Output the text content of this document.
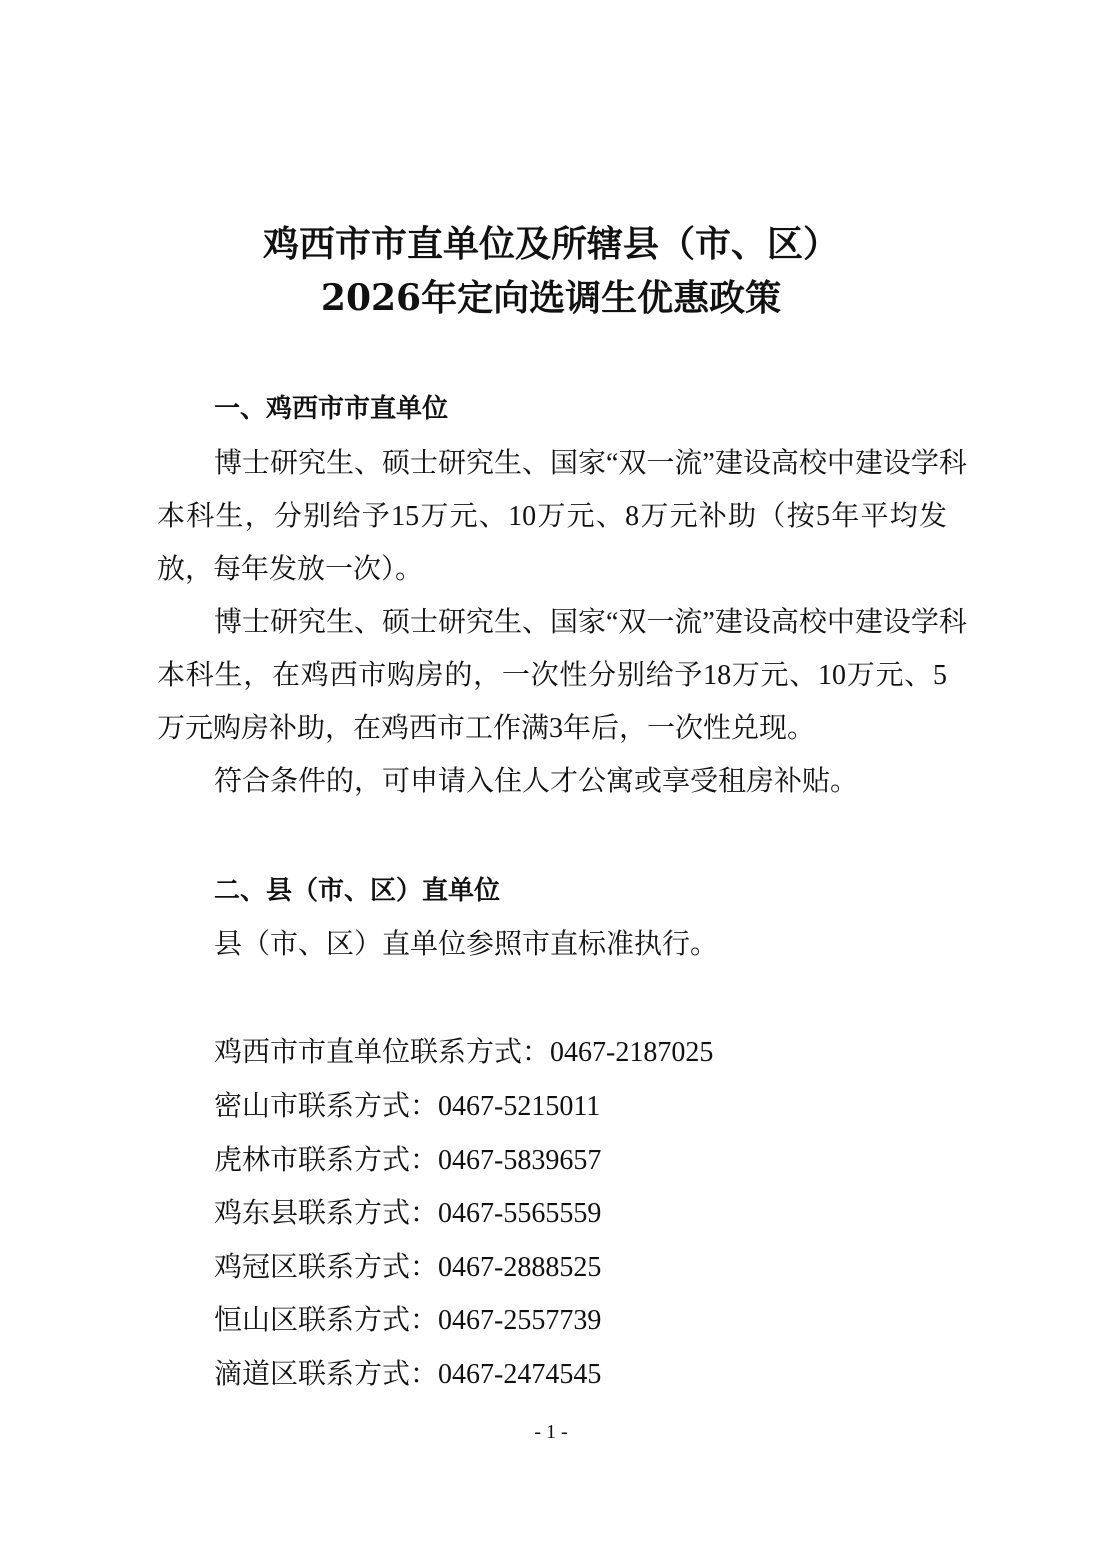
鸡西市市直单位及所辖县（市、区）
2026年定向选调生优惠政策
一、鸡西市市直单位
博士研究生、硕士研究生、国家“双一流”建设高校中建设学科
本科生，分别给予15万元、10万元、8万元补助（按5年平均发
放，每年发放一次）。
博士研究生、硕士研究生、国家“双一流”建设高校中建设学科
本科生，在鸡西市购房的，一次性分别给予18万元、10万元、5
万元购房补助，在鸡西市工作满3年后，一次性兑现。
符合条件的，可申请入住人才公寓或享受租房补贴。
二、县（市、区）直单位
县（市、区）直单位参照市直标准执行。
鸡西市市直单位联系方式：0467-2187025
密山市联系方式：0467-5215011
虎林市联系方式：0467-5839657
鸡东县联系方式：0467-5565559
鸡冠区联系方式：0467-2888525
恒山区联系方式：0467-2557739
滴道区联系方式：0467-2474545
- 1 -
